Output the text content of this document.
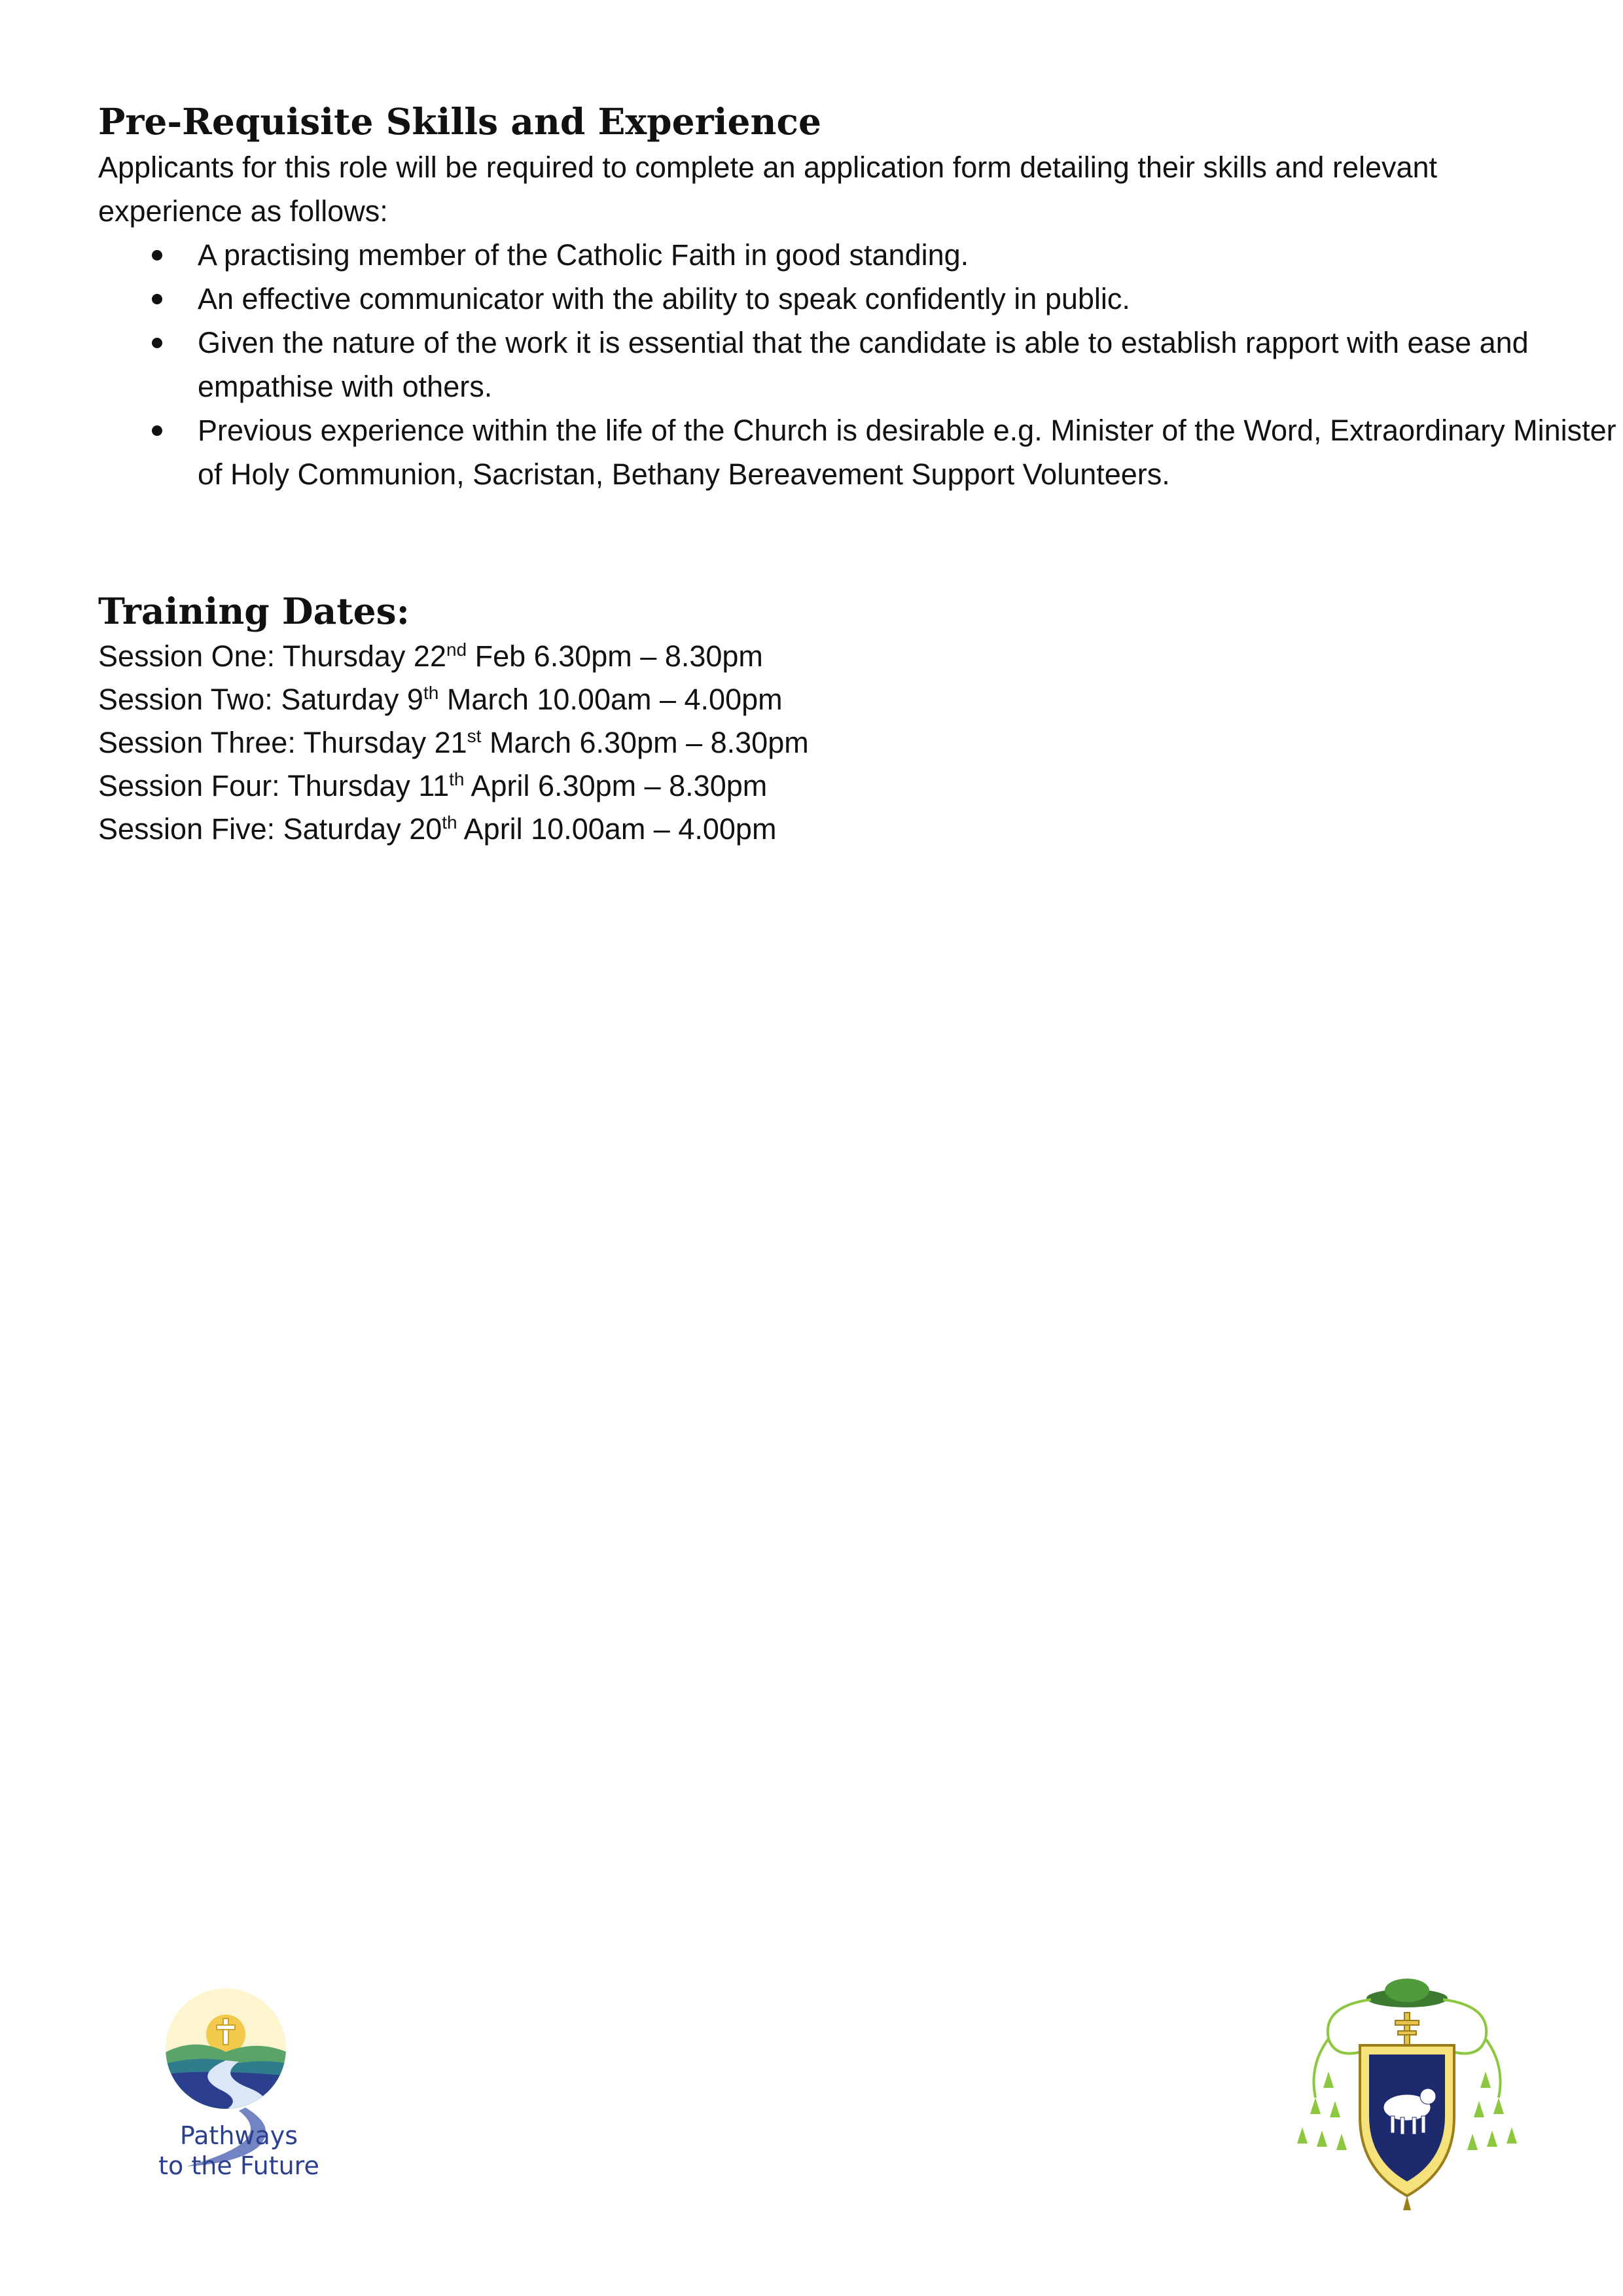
Pre-Requisite Skills and Experience

Applicants for this role will be required to complete an application form detailing their skills and relevant experience as follows:

A practising member of the Catholic Faith in good standing.
An effective communicator with the ability to speak confidently in public.
Given the nature of the work it is essential that the candidate is able to establish rapport with ease and empathise with others.
Previous experience within the life of the Church is desirable e.g. Minister of the Word, Extraordinary Minister of Holy Communion, Sacristan, Bethany Bereavement Support Volunteers.
Training Dates:

Session One: Thursday 22nd Feb 6.30pm – 8.30pm

Session Two: Saturday 9th March 10.00am – 4.00pm

Session Three: Thursday 21st March 6.30pm – 8.30pm

Session Four: Thursday 11th April 6.30pm – 8.30pm

Session Five: Saturday 20th April 10.00am – 4.00pm

Pathways
to the Future
